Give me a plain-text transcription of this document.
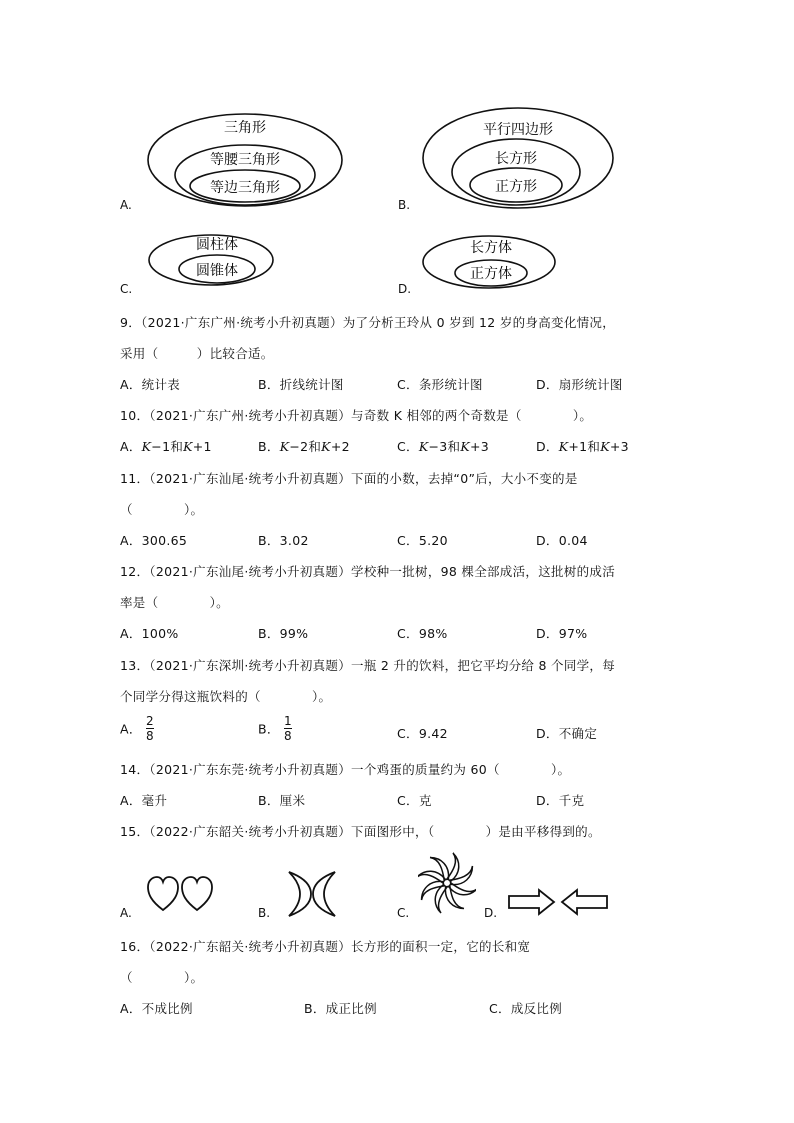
A.
三角形
等腰三角形
等边三角形
B.
平行四边形
长方形
正方形
C.
圆柱体
圆锥体
D.
长方体
正方体
9．（2021·广东广州·统考小升初真题）为了分析王玲从 0 岁到 12 岁的身高变化情况，
采用（　　　）比较合适。
A．统计表	B．折线统计图	C．条形统计图	D．扇形统计图
10．（2021·广东广州·统考小升初真题）与奇数 K 相邻的两个奇数是（　　　　）。
A．K−1和K+1	B．K−2和K+2	C．K−3和K+3	D．K+1和K+3
11．（2021·广东汕尾·统考小升初真题）下面的小数，去掉“0”后，大小不变的是
（　　　　）。
A．300.65	B．3.02	C．5.20	D．0.04
12．（2021·广东汕尾·统考小升初真题）学校种一批树，98 棵全部成活，这批树的成活
率是（　　　　）。
A．100%	B．99%	C．98%	D．97%
13．（2021·广东深圳·统考小升初真题）一瓶 2 升的饮料，把它平均分给 8 个同学，每
个同学分得这瓶饮料的（　　　　）。
A． $\frac{2}{8}$	B． $\frac{1}{8}$	C．9.42	D．不确定
14．（2021·广东东莞·统考小升初真题）一个鸡蛋的质量约为 60（　　　　）。
A．毫升	B．厘米	C．克	D．千克
15．（2022·广东韶关·统考小升初真题）下面图形中，（　　　　）是由平移得到的。
A.	B.	C.	D.
16．（2022·广东韶关·统考小升初真题）长方形的面积一定，它的长和宽
（　　　　）。
A．不成比例	B．成正比例	C．成反比例
